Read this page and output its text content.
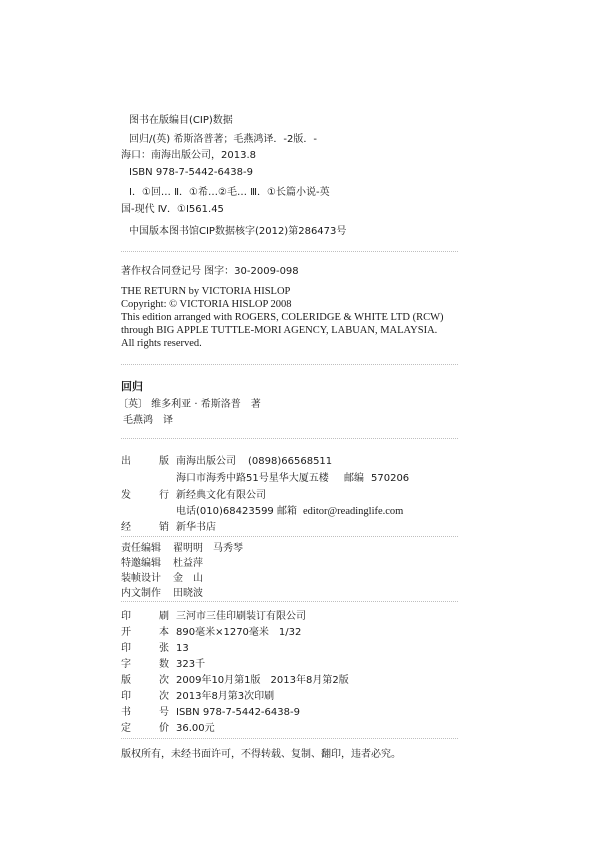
图书在版编目(CIP)数据
回归/(英) 希斯洛普著；毛燕鸿译．-2版．-
海口：南海出版公司，2013.8
ISBN 978-7-5442-6438-9
Ⅰ．①回… Ⅱ．①希…②毛… Ⅲ．①长篇小说-英
国-现代 Ⅳ．①I561.45
中国版本图书馆CIP数据核字(2012)第286473号
著作权合同登记号 图字：30-2009-098
THE RETURN by VICTORIA HISLOP
Copyright: © VICTORIA HISLOP 2008
This edition arranged with ROGERS, COLERIDGE & WHITE LTD (RCW)
through BIG APPLE TUTTLE-MORI AGENCY, LABUAN, MALAYSIA.
All rights reserved.
回归
〔英〕 维多利亚 · 希斯洛普　著
毛燕鸿　译
出	版 南海出版公司 (0898)66568511
海口市海秀中路51号星华大厦五楼 邮编 570206
发	行 新经典文化有限公司
电话(010)68423599 邮箱 editor@readinglife.com
经	销 新华书店
责任编辑 翟明明　马秀琴
特邀编辑 杜益萍
装帧设计 金　山
内文制作 田晓波
印	刷 三河市三佳印刷装订有限公司
开	本 890毫米×1270毫米　1/32
印	张 13
字	数 323千
版	次 2009年10月第1版　2013年8月第2版
印	次 2013年8月第3次印刷
书	号 ISBN 978-7-5442-6438-9
定	价 36.00元
版权所有，未经书面许可，不得转载、复制、翻印，违者必究。
